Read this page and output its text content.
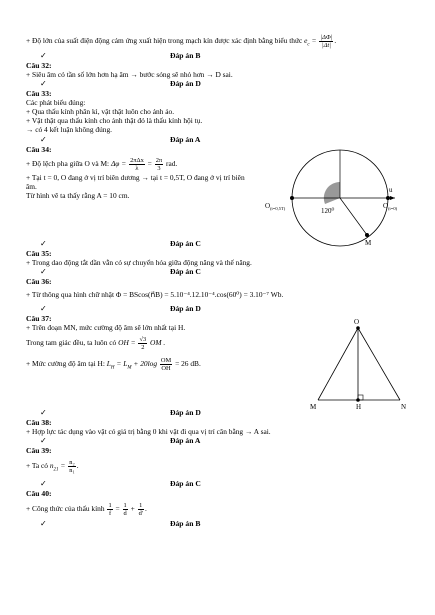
+ Độ lớn của suất điện động cảm ứng xuất hiện trong mạch kín được xác định bằng biểu thức $e_c = \frac{|\Delta\Phi|}{|\Delta t|}$ .
✓	Đáp án B
Câu 32:
+ Siêu âm có tần số lớn hơn hạ âm → bước sóng sẽ nhỏ hơn → D sai.
✓	Đáp án D
Câu 33:
Các phát biểu đúng:
+ Qua thấu kính phân kì, vật thật luôn cho ảnh ảo.
+ Vật thật qua thấu kính cho ảnh thật đó là thấu kính hội tụ.
→ có 4 kết luận không đúng.
✓	Đáp án A
Câu 34:
+ Độ lệch pha giữa O và M: $\Delta\varphi = \frac{\text{2πΔx}}{\lambda} = \frac{2\pi}{3}$ rad.
+ Tại t = 0, O đang ở vị trí biên dương → tại t = 0,5T, O đang ở vị trí biên
âm.
Từ hình vẽ ta thấy rằng A = 10 cm.
u
$O_{(t=0,5T)}$	$O_{(t=0)}$
120⁰
M
✓	Đáp án C
Câu 35:
+ Trong dao động tắt dần vẫn có sự chuyển hóa giữa động năng và thế năng.
✓	Đáp án C
Câu 36:
+ Từ thông qua hình chữ nhật Φ = BScos(n⃗B) = 5.10⁻⁴.12.10⁻⁴.cos(60⁰) = 3.10⁻⁷ Wb.
✓	Đáp án D
Câu 37:
+ Trên đoạn MN, mức cường độ âm sẽ lớn nhất tại H.
Trong tam giác đều, ta luôn có OH = $\frac{√3}{2}$ OM .
+ Mức cường độ âm tại H: $L_H = L_M + 20\log \frac{OM}{OH} = 26$ dB.
O
M	H	N
✓	Đáp án D
Câu 38:
+ Hợp lực tác dụng vào vật có giá trị bằng 0 khi vật đi qua vị trí cân bằng → A sai.
✓	Đáp án A
Câu 39:
+ Ta có $n_{21} = \frac{\text{n₂}}{\text{n₁}}$ .
✓	Đáp án C
Câu 40:
+ Công thức của thấu kính $\frac{1}{f} = \frac{1}{d} + \frac{1}{d'}$ .
✓	Đáp án B
